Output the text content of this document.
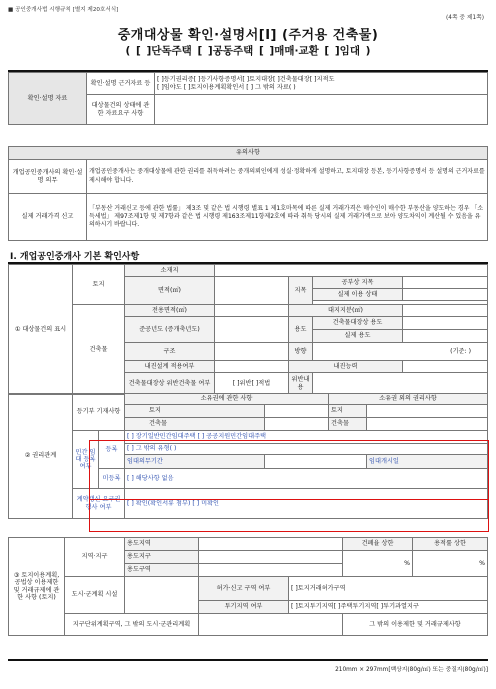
■ 공인중개사법 시행규칙 [별지 제20호서식]
(4쪽 중 제1쪽)
중개대상물 확인·설명서[Ⅰ] (주거용 건축물)
( [ ]단독주택 [ ]공동주택 [ ]매매·교환 [ ]임대 )
확인·설명 자료	확인·설명 근거자료 등	[ ]등기권리증[ ]등기사항증명서[ ]토지대장[ ]건축물대장[ ]지적도
[ ]임야도 [ ]토지이용계획확인서 [ ] 그 밖의 자료( )

	대상물건의 상태에 관한 자료요구 사항	
유의사항	
개업공인중개사의 확인·설명 의무	개업공인중개사는 중개대상물에 관한 권리를 취득하려는 중개의뢰인에게 성실·정확하게 설명하고, 토지대장 등본, 등기사항증명서 등 설명의 근거자료를 제시해야 합니다.
실제 거래가격 신고	「부동산 거래신고 등에 관한 법률」 제3조 및 같은 법 시행령 별표 1 제1호마목에 따른 실제 거래가격은 매수인이 매수한 부동산을 양도하는 경우 「소득세법」 제97조제1항 및 제7항과 같은 법 시행령 제163조제11항제2호에 따라 취득 당시의 실제 거래가액으로 보아 양도차익이 계산될 수 있음을 유의하시기 바랍니다.
Ⅰ. 개업공인중개사 기본 확인사항
① 대상물건의 표시	토지	소재지				
		면적(㎡)		지목	공부상 지목	
					실제 이용 상태	

	건축물	전용면적(㎡)		대지지분(㎡)		
		준공년도 (증개축년도)		용도	건축물대장상 용도	
					실제 용도	
		구조		방향	(기준: )	
		내진설계 적용여부		내진능력		
		건축물대장상 위반건축물 여부	[ ]위반[ ]적법	위반내용		
② 권리관계	등기부 기재사항		소유권에 관한 사항		소유권 외의 권리사항	
			토지		토지	
			건축물		건축물	
	민간 임대 등록 여부	등록	[ ] 장기일반민간임대주택 [ ] 공공지원민간임대주택			
			[ ] 그 밖의 유형( )			
			임대의무기간			임대개시일
		미등록	[ ] 해당사항 없음			

	계약갱신 요구권 행사 여부		[ ] 확인(확인서류 첨부) [ ] 미확인			
③ 토지이용계획, 공법상 이용제한 및 거래규제에 관한 사항 (토지)	지역·지구	용도지역			건폐율 상한	용적률 상한
		용도지구			%	%
		용도구역				
	도시·군계획 시설		허가·신고 구역 여부	[ ]토지거래허가구역		

			투기지역 여부	[ ]토지투기지역[ ]주택투기지역[ ]투기과열지구		
	지구단위계획구역, 그 밖의 도시·군관리계획				그 밖의 이용제한 및 거래규제사항	
210mm × 297mm[백상지(80g/㎡) 또는 중질지(80g/㎡)]
